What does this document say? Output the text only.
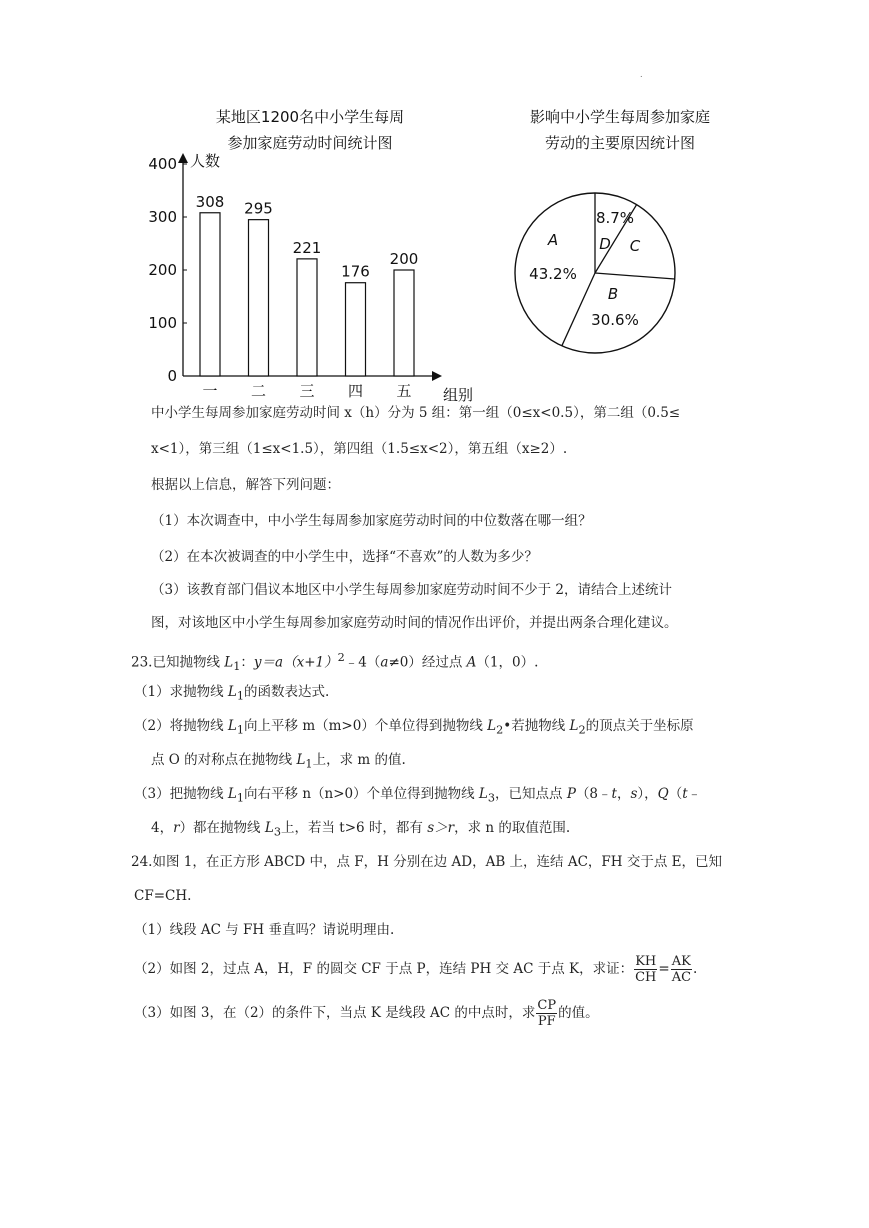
.
某地区1200名中小学生每周
参加家庭劳动时间统计图
0
100
200
300
400
308
一
295
二
221
三
176
四
200
五
人数
组别
影响中小学生每周参加家庭
劳动的主要原因统计图
A
43.2%
B
30.6%
C
D
8.7%
中小学生每周参加家庭劳动时间 x（h）分为 5 组：第一组（0≤x<0.5），第二组（0.5≤
x<1），第三组（1≤x<1.5），第四组（1.5≤x<2），第五组（x≥2）.
根据以上信息，解答下列问题：
（1）本次调查中，中小学生每周参加家庭劳动时间的中位数落在哪一组？
（2）在本次被调查的中小学生中，选择“不喜欢”的人数为多少？
（3）该教育部门倡议本地区中小学生每周参加家庭劳动时间不少于 2，请结合上述统计
图，对该地区中小学生每周参加家庭劳动时间的情况作出评价，并提出两条合理化建议。
23.已知抛物线 $L_1$：$y=a(x+1)^2﹣4(a\ne 0)$经过点 A（1，0）.
（1）求抛物线 $L_1$的函数表达式.
（2）将抛物线 $L_1$向上平移 m（m>0）个单位得到抛物线 $L_2•$若抛物线 $L_2$的顶点关于坐标原
点 O 的对称点在抛物线 $L_1$上，求 m 的值.
（3）把抛物线 $L_1$向右平移 n（n>0）个单位得到抛物线 $L_3$，已知点点 P（8﹣t，s），Q（t﹣
4，r）都在抛物线 $L_3$上，若当 t>6 时，都有 s＞r，求 n 的取值范围.
24.如图 1，在正方形 ABCD 中，点 F，H 分别在边 AD，AB 上，连结 AC，FH 交于点 E，已知
CF=CH.
（1）线段 AC 与 FH 垂直吗？请说明理由.
（2）如图 2，过点 A，H，F 的圆交 CF 于点 P，连结 PH 交 AC 于点 K，求证： $\frac{KH}{CH} = \frac{AK}{AC}$ .
（3）如图 3，在（2）的条件下，当点 K 是线段 AC 的中点时，求 $\frac{CP}{PF}$ 的值。
